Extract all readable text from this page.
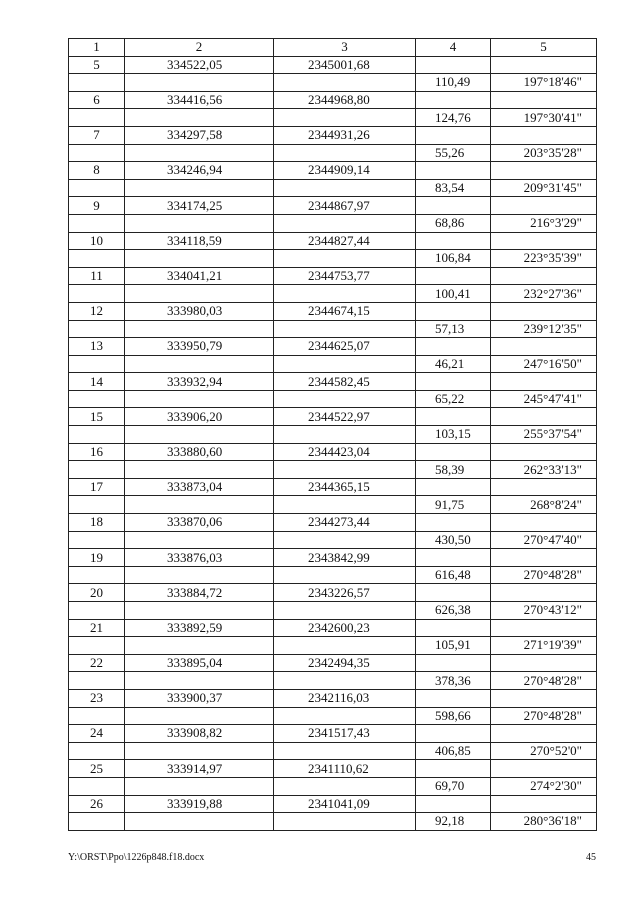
1	2	3	4	5
5	334522,05	2345001,68		
			110,49	197°18'46"
6	334416,56	2344968,80		
			124,76	197°30'41"
7	334297,58	2344931,26		
			55,26	203°35'28"
8	334246,94	2344909,14		
			83,54	209°31'45"
9	334174,25	2344867,97		
			68,86	216°3'29"
10	334118,59	2344827,44		
			106,84	223°35'39"
11	334041,21	2344753,77		
			100,41	232°27'36"
12	333980,03	2344674,15		
			57,13	239°12'35"
13	333950,79	2344625,07		
			46,21	247°16'50"
14	333932,94	2344582,45		
			65,22	245°47'41"
15	333906,20	2344522,97		
			103,15	255°37'54"
16	333880,60	2344423,04		
			58,39	262°33'13"
17	333873,04	2344365,15		
			91,75	268°8'24"
18	333870,06	2344273,44		
			430,50	270°47'40"
19	333876,03	2343842,99		
			616,48	270°48'28"
20	333884,72	2343226,57		
			626,38	270°43'12"
21	333892,59	2342600,23		
			105,91	271°19'39"
22	333895,04	2342494,35		
			378,36	270°48'28"
23	333900,37	2342116,03		
			598,66	270°48'28"
24	333908,82	2341517,43		
			406,85	270°52'0"
25	333914,97	2341110,62		
			69,70	274°2'30"
26	333919,88	2341041,09		
			92,18	280°36'18"
Y:\ORST\Ppo\1226p848.f18.docx	45
